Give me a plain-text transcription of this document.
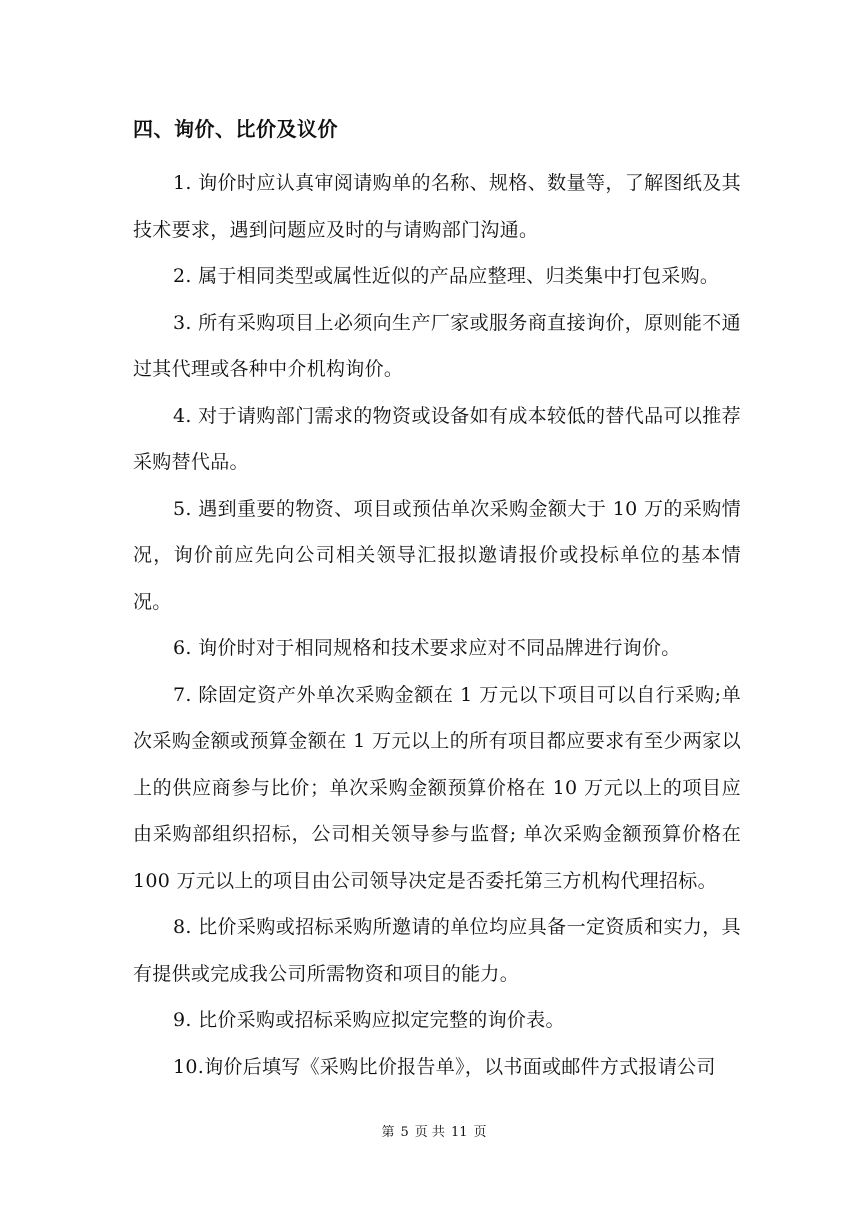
四、询价、比价及议价

1. 询价时应认真审阅请购单的名称、规格、数量等，了解图纸及其技术要求，遇到问题应及时的与请购部门沟通。

2. 属于相同类型或属性近似的产品应整理、归类集中打包采购。

3. 所有采购项目上必须向生产厂家或服务商直接询价，原则能不通过其代理或各种中介机构询价。

4. 对于请购部门需求的物资或设备如有成本较低的替代品可以推荐采购替代品。

5. 遇到重要的物资、项目或预估单次采购金额大于 10 万的采购情况，询价前应先向公司相关领导汇报拟邀请报价或投标单位的基本情况。

6. 询价时对于相同规格和技术要求应对不同品牌进行询价。

7. 除固定资产外单次采购金额在 1 万元以下项目可以自行采购;单次采购金额或预算金额在 1 万元以上的所有项目都应要求有至少两家以上的供应商参与比价；单次采购金额预算价格在 10 万元以上的项目应由采购部组织招标，公司相关领导参与监督; 单次采购金额预算价格在 100 万元以上的项目由公司领导决定是否委托第三方机构代理招标。

8. 比价采购或招标采购所邀请的单位均应具备一定资质和实力，具有提供或完成我公司所需物资和项目的能力。

9. 比价采购或招标采购应拟定完整的询价表。

10.询价后填写《采购比价报告单》，以书面或邮件方式报请公司

第 5 页 共 11 页
